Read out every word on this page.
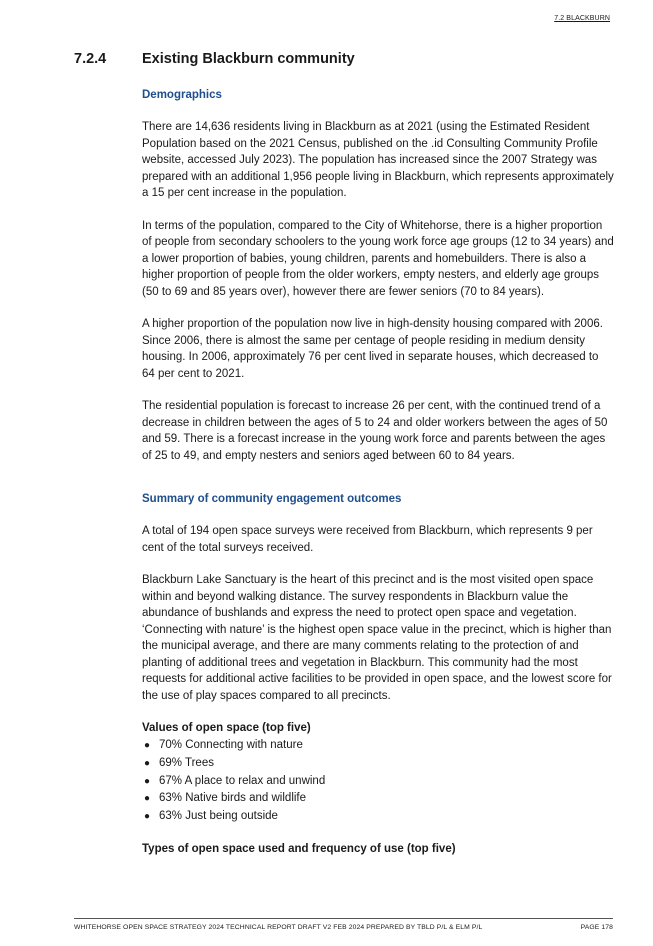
7.2 BLACKBURN
7.2.4 Existing Blackburn community
Demographics

There are 14,636 residents living in Blackburn as at 2021 (using the Estimated Resident Population based on the 2021 Census, published on the .id Consulting Community Profile website, accessed July 2023). The population has increased since the 2007 Strategy was prepared with an additional 1,956 people living in Blackburn, which represents approximately a 15 per cent increase in the population.

In terms of the population, compared to the City of Whitehorse, there is a higher proportion of people from secondary schoolers to the young work force age groups (12 to 34 years) and a lower proportion of babies, young children, parents and homebuilders. There is also a higher proportion of people from the older workers, empty nesters, and elderly age groups (50 to 69 and 85 years over), however there are fewer seniors (70 to 84 years).

A higher proportion of the population now live in high-density housing compared with 2006. Since 2006, there is almost the same per centage of people residing in medium density housing. In 2006, approximately 76 per cent lived in separate houses, which decreased to 64 per cent to 2021.

The residential population is forecast to increase 26 per cent, with the continued trend of a decrease in children between the ages of 5 to 24 and older workers between the ages of 50 and 59. There is a forecast increase in the young work force and parents between the ages of 25 to 49, and empty nesters and seniors aged between 60 to 84 years.

Summary of community engagement outcomes

A total of 194 open space surveys were received from Blackburn, which represents 9 per cent of the total surveys received.

Blackburn Lake Sanctuary is the heart of this precinct and is the most visited open space within and beyond walking distance. The survey respondents in Blackburn value the abundance of bushlands and express the need to protect open space and vegetation. ‘Connecting with nature’ is the highest open space value in the precinct, which is higher than the municipal average, and there are many comments relating to the protection of and planting of additional trees and vegetation in Blackburn. This community had the most requests for additional active facilities to be provided in open space, and the lowest score for the use of play spaces compared to all precincts.

Values of open space (top five)
● 70% Connecting with nature
● 69% Trees
● 67% A place to relax and unwind
● 63% Native birds and wildlife
● 63% Just being outside
Types of open space used and frequency of use (top five)
WHITEHORSE OPEN SPACE STRATEGY 2024 TECHNICAL REPORT DRAFT V2 FEB 2024 PREPARED BY TBLD P/L & ELM P/L	PAGE 178
